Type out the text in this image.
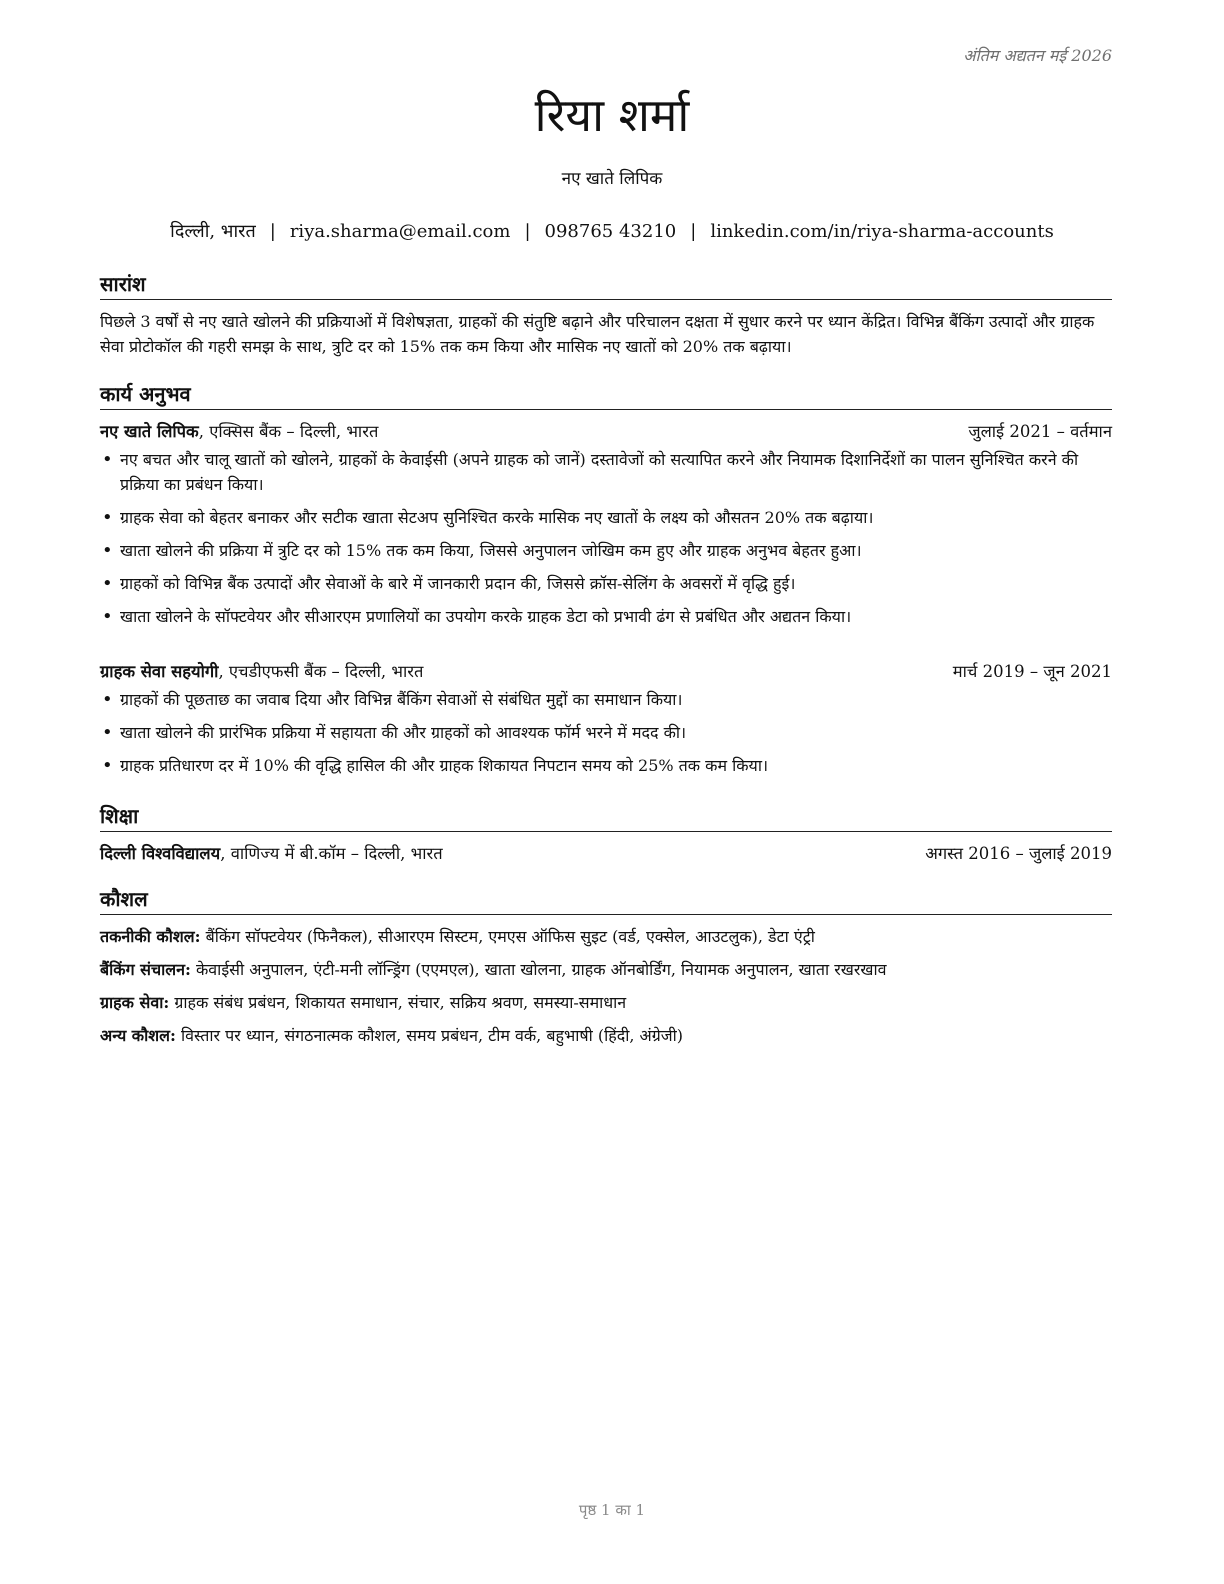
अंतिम अद्यतन मई 2026
रिया शर्मा
नए खाते लिपिक
दिल्ली, भारत | riya.sharma@email.com | 098765 43210 | linkedin.com/in/riya-sharma-accounts
सारांश

पिछले 3 वर्षों से नए खाते खोलने की प्रक्रियाओं में विशेषज्ञता, ग्राहकों की संतुष्टि बढ़ाने और परिचालन दक्षता में सुधार करने पर ध्यान केंद्रित। विभिन्न बैंकिंग उत्पादों और ग्राहक सेवा प्रोटोकॉल की गहरी समझ के साथ, त्रुटि दर को 15% तक कम किया और मासिक नए खातों को 20% तक बढ़ाया।

कार्य अनुभव
नए खाते लिपिक, एक्सिस बैंक – दिल्ली, भारत	जुलाई 2021 – वर्तमान
• नए बचत और चालू खातों को खोलने, ग्राहकों के केवाईसी (अपने ग्राहक को जानें) दस्तावेजों को सत्यापित करने और नियामक दिशानिर्देशों का पालन सुनिश्चित करने की प्रक्रिया का प्रबंधन किया।
• ग्राहक सेवा को बेहतर बनाकर और सटीक खाता सेटअप सुनिश्चित करके मासिक नए खातों के लक्ष्य को औसतन 20% तक बढ़ाया।
• खाता खोलने की प्रक्रिया में त्रुटि दर को 15% तक कम किया, जिससे अनुपालन जोखिम कम हुए और ग्राहक अनुभव बेहतर हुआ।
• ग्राहकों को विभिन्न बैंक उत्पादों और सेवाओं के बारे में जानकारी प्रदान की, जिससे क्रॉस-सेलिंग के अवसरों में वृद्धि हुई।
• खाता खोलने के सॉफ्टवेयर और सीआरएम प्रणालियों का उपयोग करके ग्राहक डेटा को प्रभावी ढंग से प्रबंधित और अद्यतन किया।
ग्राहक सेवा सहयोगी, एचडीएफसी बैंक – दिल्ली, भारत	मार्च 2019 – जून 2021
• ग्राहकों की पूछताछ का जवाब दिया और विभिन्न बैंकिंग सेवाओं से संबंधित मुद्दों का समाधान किया।
• खाता खोलने की प्रारंभिक प्रक्रिया में सहायता की और ग्राहकों को आवश्यक फॉर्म भरने में मदद की।
• ग्राहक प्रतिधारण दर में 10% की वृद्धि हासिल की और ग्राहक शिकायत निपटान समय को 25% तक कम किया।
शिक्षा
दिल्ली विश्वविद्यालय, वाणिज्य में बी.कॉम – दिल्ली, भारत	अगस्त 2016 – जुलाई 2019
कौशल
तकनीकी कौशल: बैंकिंग सॉफ्टवेयर (फिनैकल), सीआरएम सिस्टम, एमएस ऑफिस सुइट (वर्ड, एक्सेल, आउटलुक), डेटा एंट्री
बैंकिंग संचालन: केवाईसी अनुपालन, एंटी-मनी लॉन्ड्रिंग (एएमएल), खाता खोलना, ग्राहक ऑनबोर्डिंग, नियामक अनुपालन, खाता रखरखाव
ग्राहक सेवा: ग्राहक संबंध प्रबंधन, शिकायत समाधान, संचार, सक्रिय श्रवण, समस्या-समाधान
अन्य कौशल: विस्तार पर ध्यान, संगठनात्मक कौशल, समय प्रबंधन, टीम वर्क, बहुभाषी (हिंदी, अंग्रेजी)
पृष्ठ 1 का 1
